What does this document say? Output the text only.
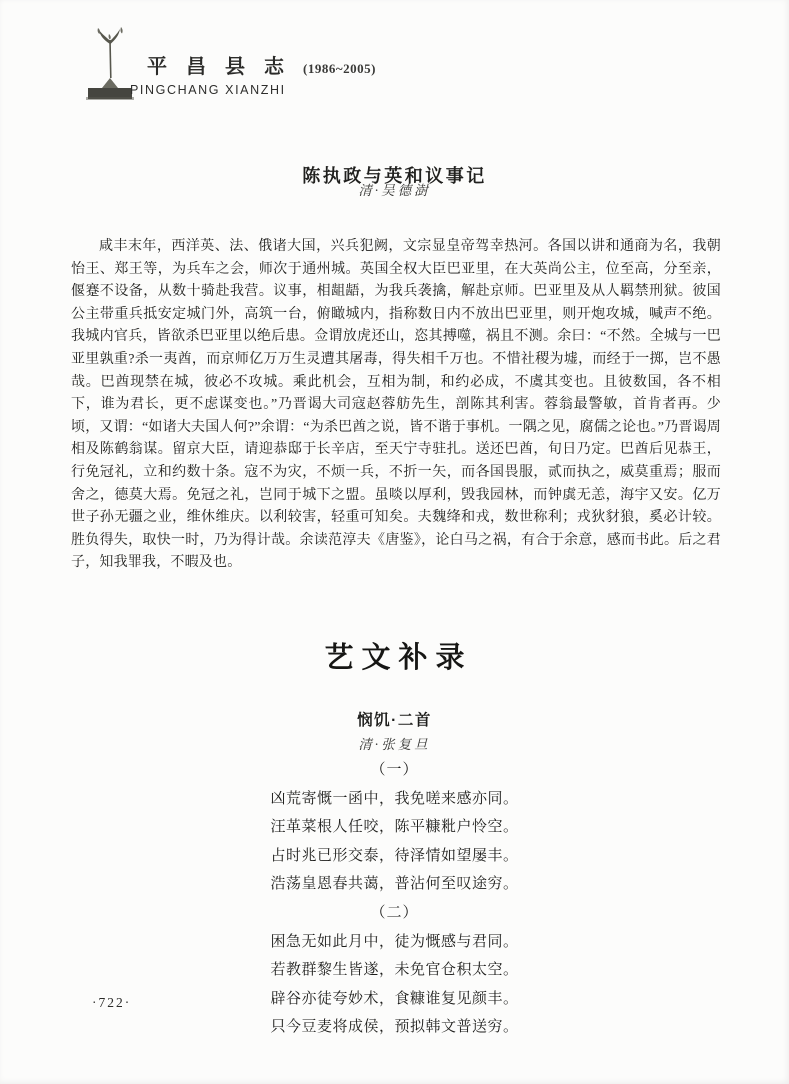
平 昌 县 志 (1986~2005)
PINGCHANG XIANZHI
陈执政与英和议事记
清·吴德澍

咸丰末年，西洋英、法、俄诸大国，兴兵犯阙，文宗显皇帝驾幸热河。各国以讲和通商为名，我朝怡王、郑王等，为兵车之会，师次于通州城。英国全权大臣巴亚里，在大英尚公主，位至高，分至亲，偃蹇不设备，从数十骑赴我营。议事，相龃龉，为我兵袭擒，解赴京师。巴亚里及从人羁禁刑狱。彼国公主带重兵抵安定城门外，高筑一台，俯瞰城内，指称数日内不放出巴亚里，则开炮攻城，喊声不绝。我城内官兵，皆欲杀巴亚里以绝后患。佥谓放虎还山，恣其搏噬，祸且不测。余曰：“不然。全城与一巴亚里孰重?杀一夷酋，而京师亿万万生灵遭其屠毒，得失相千万也。不惜社稷为墟，而经于一掷，岂不愚哉。巴酋现禁在城，彼必不攻城。乘此机会，互相为制，和约必成，不虞其变也。且彼数国，各不相下，谁为君长，更不虑谋变也。”乃晋谒大司寇赵蓉舫先生，剖陈其利害。蓉翁最警敏，首肯者再。少顷，又谓：“如诸大夫国人何?”余谓：“为杀巴酋之说，皆不谐于事机。一隅之见，腐儒之论也。”乃晋谒周相及陈鹤翁谋。留京大臣，请迎恭邸于长辛店，至天宁寺驻扎。送还巴酋，旬日乃定。巴酋后见恭王，行免冠礼，立和约数十条。寇不为灾，不烦一兵，不折一矢，而各国畏服，贰而执之，威莫重焉；服而舍之，德莫大焉。免冠之礼，岂同于城下之盟。虽啖以厚利，毁我园林，而钟虡无恙，海宇又安。亿万世子孙无疆之业，维休维庆。以利较害，轻重可知矣。夫魏绛和戎，数世称利；戎狄豺狼，奚必计较。胜负得失，取快一时，乃为得计哉。余读范淳夫《唐鉴》，论白马之祸，有合于余意，感而书此。后之君子，知我罪我，不暇及也。

艺文补录
悯饥·二首
清·张复旦
（一）
凶荒寄慨一函中，我免嗟来感亦同。
汪革菜根人任咬，陈平糠粃户怜空。
占时兆已形交泰，待泽情如望屡丰。
浩荡皇恩春共蔼，普沾何至叹途穷。
（二）
困急无如此月中，徒为慨感与君同。
若教群黎生皆遂，未免官仓积太空。
辟谷亦徒夸妙术，食糠谁复见颜丰。
只今豆麦将成侯，预拟韩文普送穷。
·722·
